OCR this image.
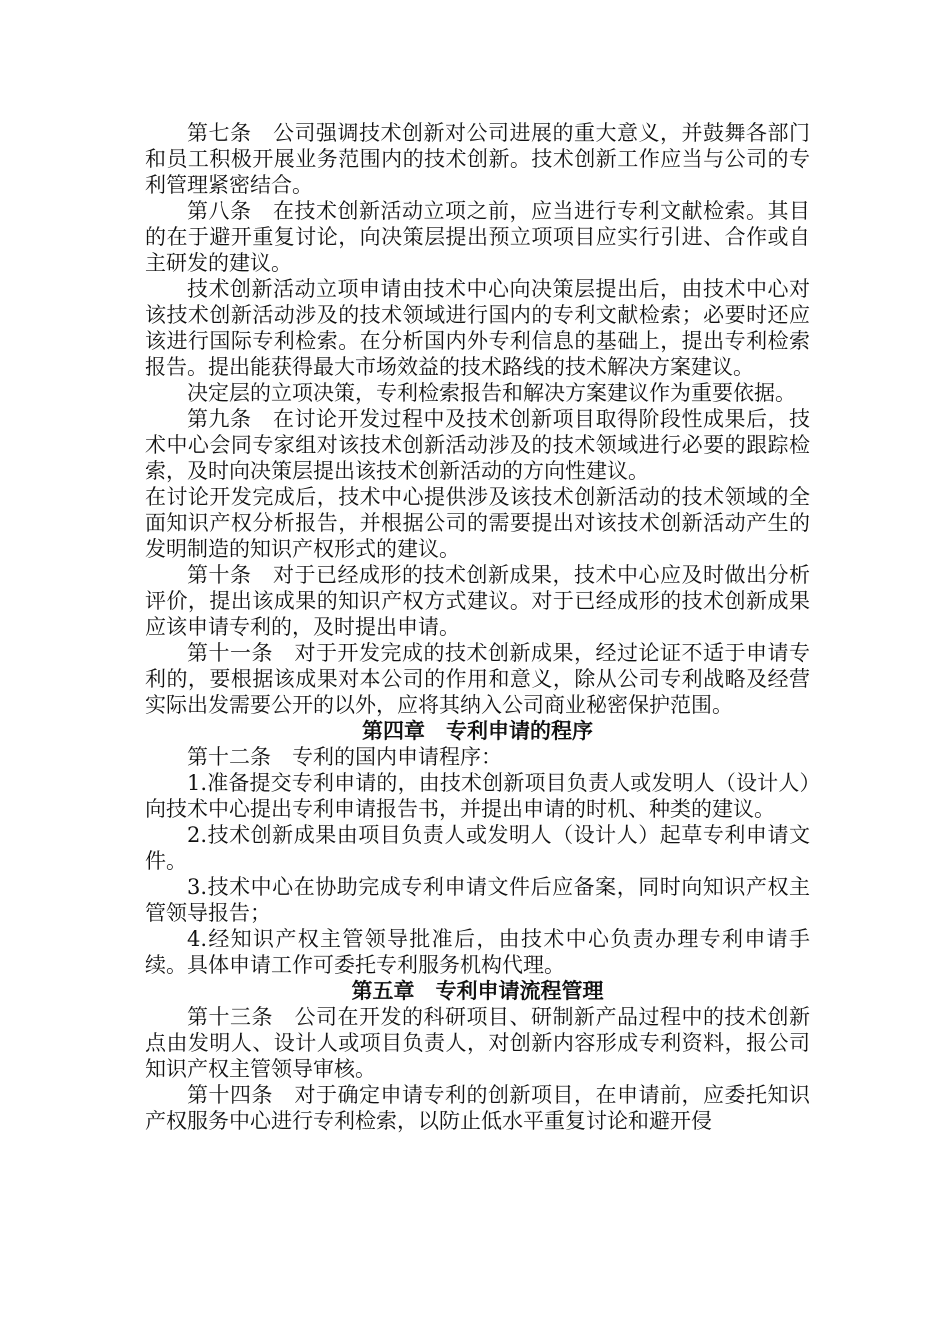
第七条　公司强调技术创新对公司进展的重大意义，并鼓舞各部门和员工积极开展业务范围内的技术创新。技术创新工作应当与公司的专利管理紧密结合。

第八条　在技术创新活动立项之前，应当进行专利文献检索。其目的在于避开重复讨论，向决策层提出预立项项目应实行引进、合作或自主研发的建议。

技术创新活动立项申请由技术中心向决策层提出后，由技术中心对该技术创新活动涉及的技术领域进行国内的专利文献检索；必要时还应该进行国际专利检索。在分析国内外专利信息的基础上，提出专利检索报告。提出能获得最大市场效益的技术路线的技术解决方案建议。

决定层的立项决策，专利检索报告和解决方案建议作为重要依据。

第九条　在讨论开发过程中及技术创新项目取得阶段性成果后，技术中心会同专家组对该技术创新活动涉及的技术领域进行必要的跟踪检索，及时向决策层提出该技术创新活动的方向性建议。

在讨论开发完成后，技术中心提供涉及该技术创新活动的技术领域的全面知识产权分析报告，并根据公司的需要提出对该技术创新活动产生的发明制造的知识产权形式的建议。

第十条　对于已经成形的技术创新成果，技术中心应及时做出分析评价，提出该成果的知识产权方式建议。对于已经成形的技术创新成果应该申请专利的，及时提出申请。

第十一条　对于开发完成的技术创新成果，经过论证不适于申请专利的，要根据该成果对本公司的作用和意义，除从公司专利战略及经营实际出发需要公开的以外，应将其纳入公司商业秘密保护范围。

第四章　专利申请的程序

第十二条　专利的国内申请程序：

1.准备提交专利申请的，由技术创新项目负责人或发明人（设计人）向技术中心提出专利申请报告书，并提出申请的时机、种类的建议。

2.技术创新成果由项目负责人或发明人（设计人）起草专利申请文件。

3.技术中心在协助完成专利申请文件后应备案，同时向知识产权主管领导报告；

4.经知识产权主管领导批准后，由技术中心负责办理专利申请手续。具体申请工作可委托专利服务机构代理。

第五章　专利申请流程管理

第十三条　公司在开发的科研项目、研制新产品过程中的技术创新点由发明人、设计人或项目负责人，对创新内容形成专利资料，报公司知识产权主管领导审核。

第十四条　对于确定申请专利的创新项目，在申请前，应委托知识产权服务中心进行专利检索，以防止低水平重复讨论和避开侵
